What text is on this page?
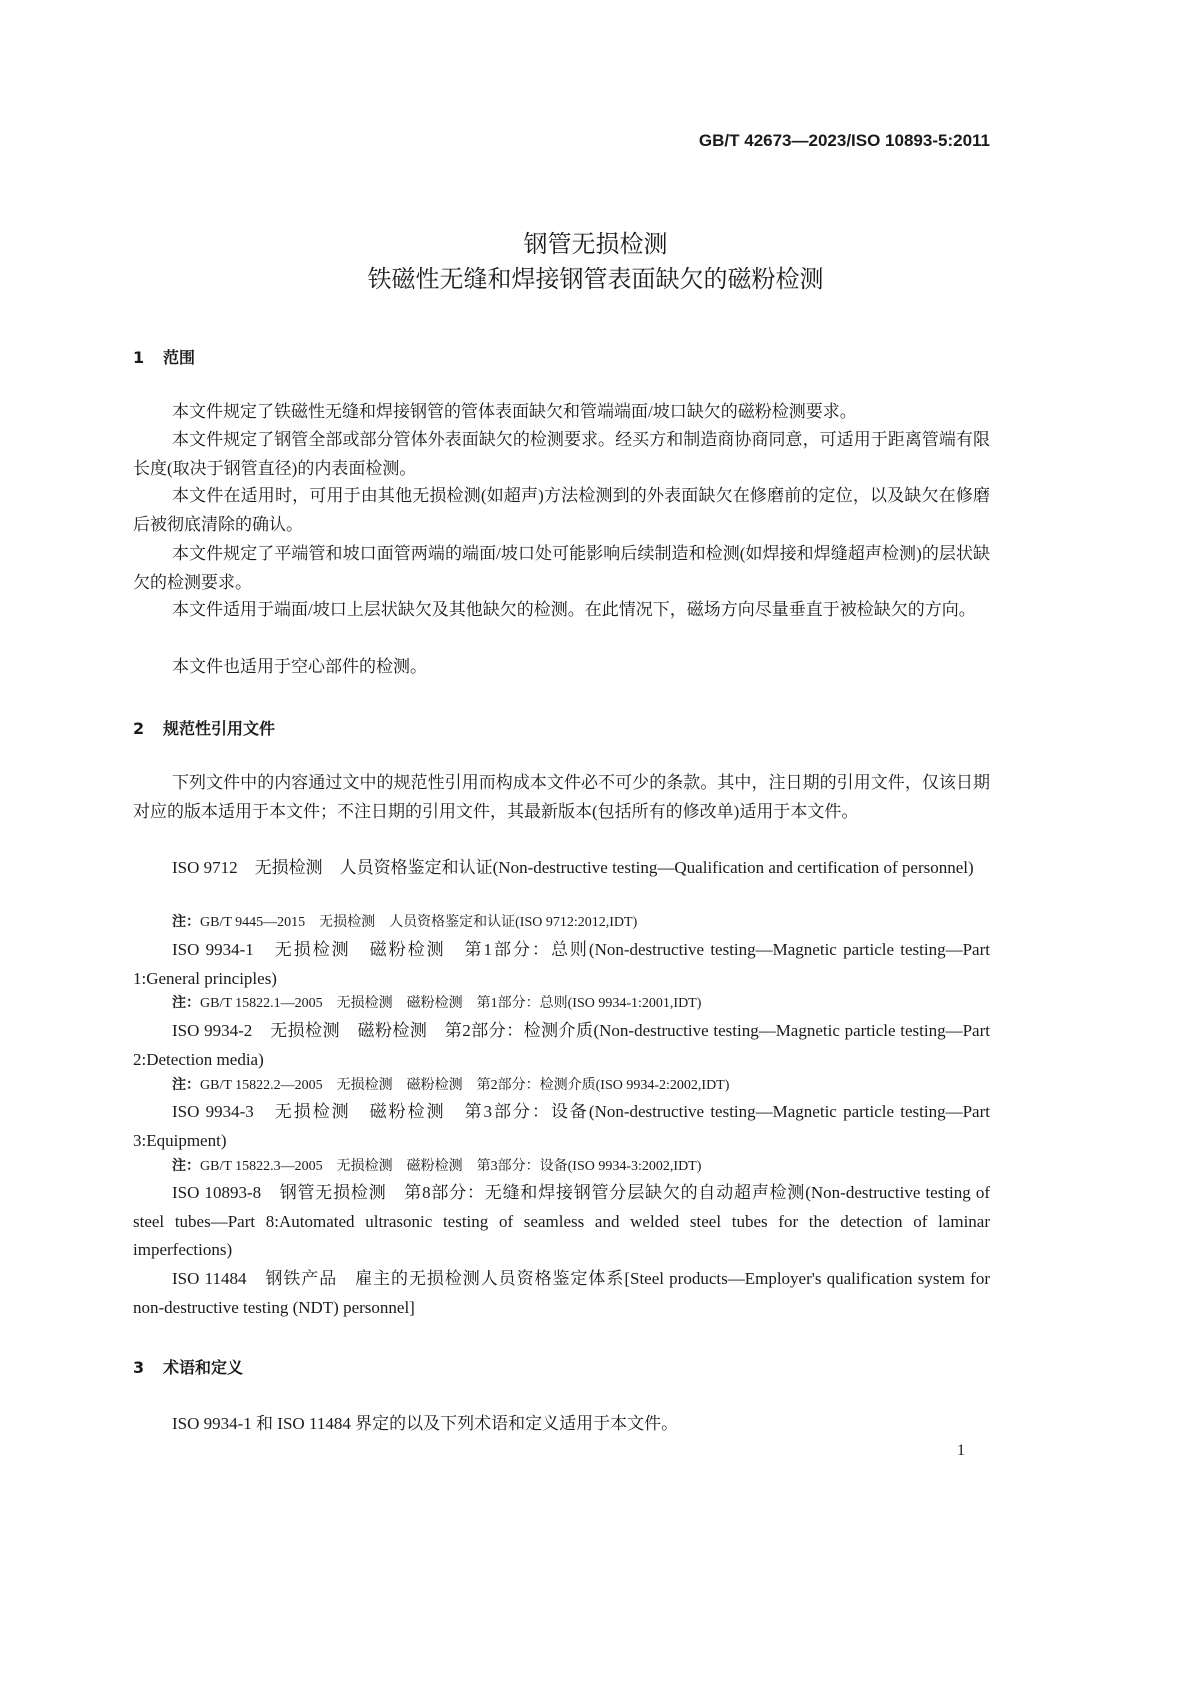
GB/T 42673—2023/ISO 10893-5:2011
钢管无损检测
铁磁性无缝和焊接钢管表面缺欠的磁粉检测
1 范围
本文件规定了铁磁性无缝和焊接钢管的管体表面缺欠和管端端面/坡口缺欠的磁粉检测要求。
本文件规定了钢管全部或部分管体外表面缺欠的检测要求。经买方和制造商协商同意，可适用于距离管端有限长度(取决于钢管直径)的内表面检测。
本文件在适用时，可用于由其他无损检测(如超声)方法检测到的外表面缺欠在修磨前的定位，以及缺欠在修磨后被彻底清除的确认。
本文件规定了平端管和坡口面管两端的端面/坡口处可能影响后续制造和检测(如焊接和焊缝超声检测)的层状缺欠的检测要求。
本文件适用于端面/坡口上层状缺欠及其他缺欠的检测。在此情况下，磁场方向尽量垂直于被检缺欠的方向。
本文件也适用于空心部件的检测。
2 规范性引用文件
下列文件中的内容通过文中的规范性引用而构成本文件必不可少的条款。其中，注日期的引用文件，仅该日期对应的版本适用于本文件；不注日期的引用文件，其最新版本(包括所有的修改单)适用于本文件。
ISO 9712　无损检测　人员资格鉴定和认证(Non-destructive testing—Qualification and certification of personnel)
注：GB/T 9445—2015　无损检测　人员资格鉴定和认证(ISO 9712:2012,IDT)
ISO 9934-1　无损检测　磁粉检测　第1部分：总则(Non-destructive testing—Magnetic particle testing—Part 1:General principles)
注：GB/T 15822.1—2005　无损检测　磁粉检测　第1部分：总则(ISO 9934-1:2001,IDT)
ISO 9934-2　无损检测　磁粉检测　第2部分：检测介质(Non-destructive testing—Magnetic particle testing—Part 2:Detection media)
注：GB/T 15822.2—2005　无损检测　磁粉检测　第2部分：检测介质(ISO 9934-2:2002,IDT)
ISO 9934-3　无损检测　磁粉检测　第3部分：设备(Non-destructive testing—Magnetic particle testing—Part 3:Equipment)
注：GB/T 15822.3—2005　无损检测　磁粉检测　第3部分：设备(ISO 9934-3:2002,IDT)
ISO 10893-8　钢管无损检测　第8部分：无缝和焊接钢管分层缺欠的自动超声检测(Non-destructive testing of steel tubes—Part 8:Automated ultrasonic testing of seamless and welded steel tubes for the detection of laminar imperfections)
ISO 11484　钢铁产品　雇主的无损检测人员资格鉴定体系[Steel products—Employer's qualification system for non-destructive testing (NDT) personnel]
3 术语和定义
ISO 9934-1 和 ISO 11484 界定的以及下列术语和定义适用于本文件。
1
